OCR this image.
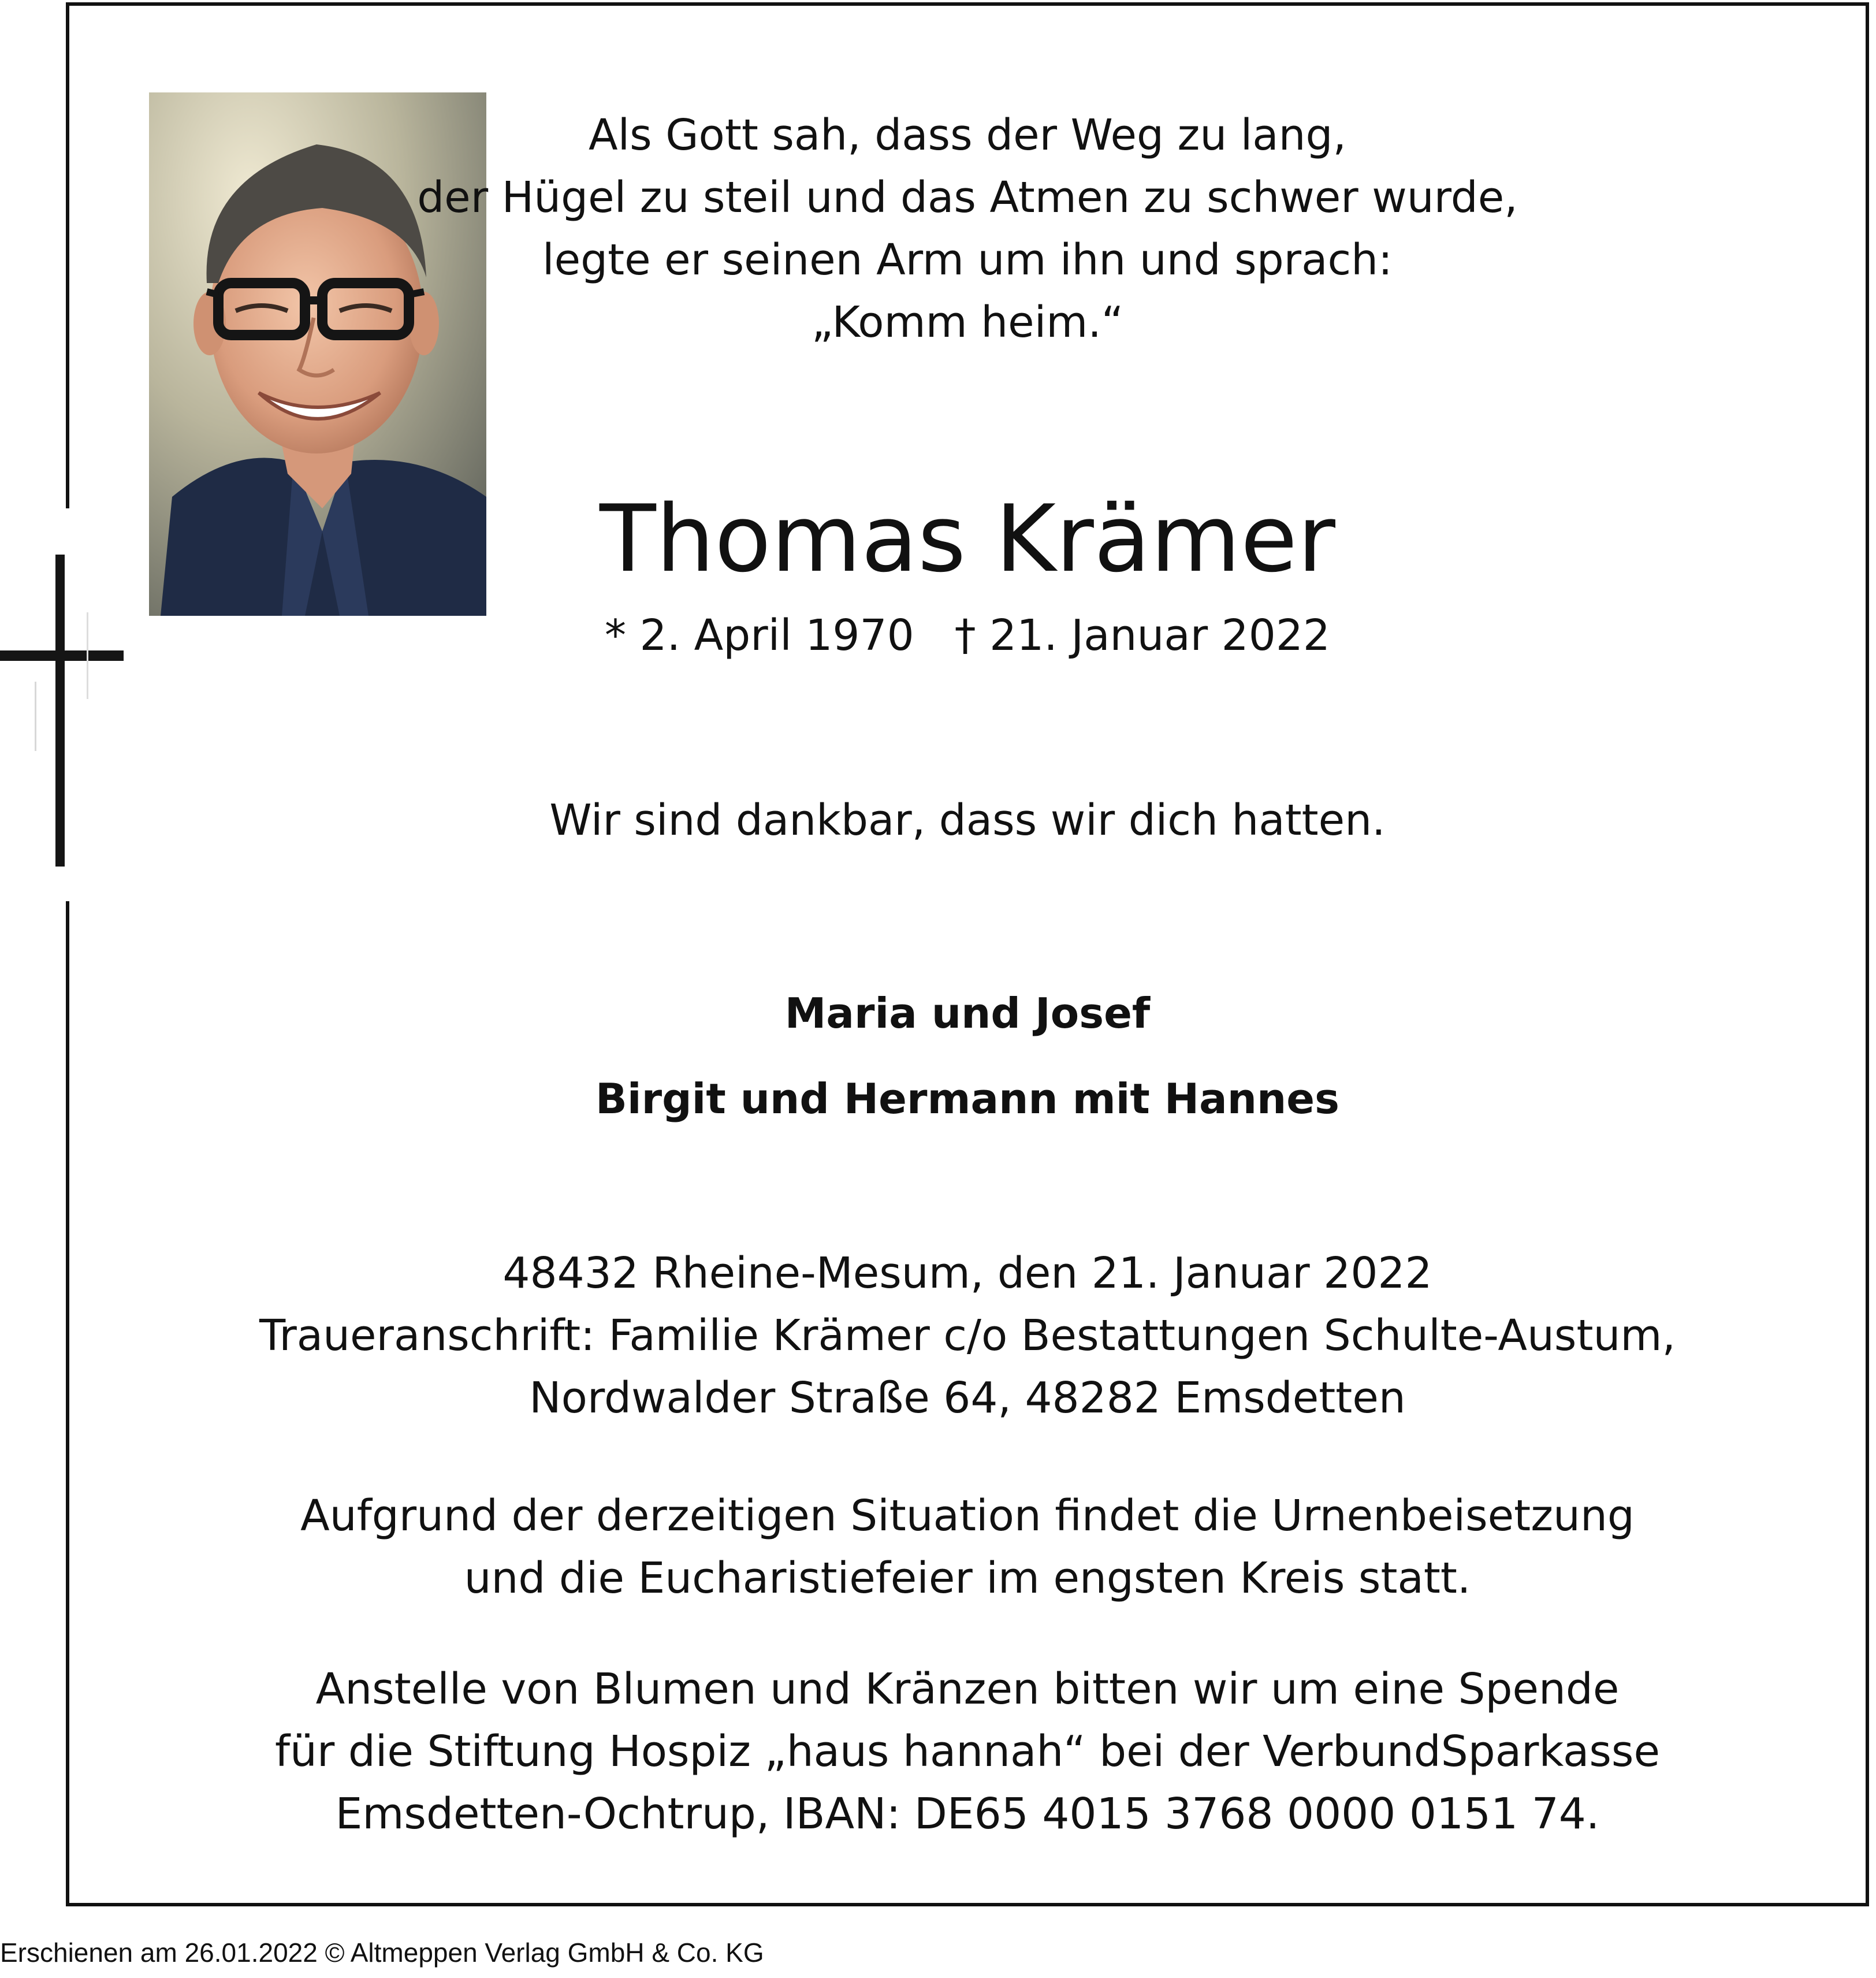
Als Gott sah, dass der Weg zu lang,
der Hügel zu steil und das Atmen zu schwer wurde,
legte er seinen Arm um ihn und sprach:
„Komm heim.“
Thomas Krämer
* 2. April 1970 † 21. Januar 2022
Wir sind dankbar, dass wir dich hatten.
Maria und Josef
Birgit und Hermann mit Hannes
48432 Rheine-Mesum, den 21. Januar 2022
Traueranschrift: Familie Krämer c/o Bestattungen Schulte-Austum,
Nordwalder Straße 64, 48282 Emsdetten
Aufgrund der derzeitigen Situation findet die Urnenbeisetzung
und die Eucharistiefeier im engsten Kreis statt.
Anstelle von Blumen und Kränzen bitten wir um eine Spende
für die Stiftung Hospiz „haus hannah“ bei der VerbundSparkasse
Emsdetten-Ochtrup, IBAN: DE65 4015 3768 0000 0151 74.
Erschienen am 26.01.2022 © Altmeppen Verlag GmbH & Co. KG
